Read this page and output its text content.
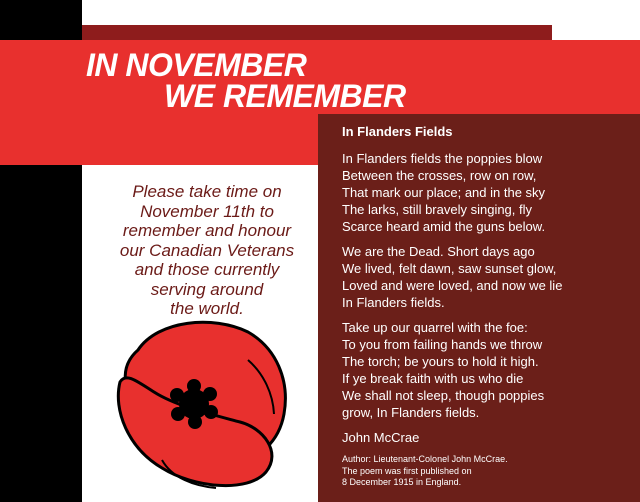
IN NOVEMBER
WE REMEMBER

Please take time on
November 11th to
remember and honour
our Canadian Veterans
and those currently
serving around
the world.

In Flanders Fields
In Flanders fields the poppies blow
Between the crosses, row on row,
That mark our place; and in the sky
The larks, still bravely singing, fly
Scarce heard amid the guns below.
We are the Dead. Short days ago
We lived, felt dawn, saw sunset glow,
Loved and were loved, and now we lie
In Flanders fields.
Take up our quarrel with the foe:
To you from failing hands we throw
The torch; be yours to hold it high.
If ye break faith with us who die
We shall not sleep, though poppies
grow, In Flanders fields.
John McCrae
Author: Lieutenant-Colonel John McCrae.
The poem was first published on
8 December 1915 in England.
